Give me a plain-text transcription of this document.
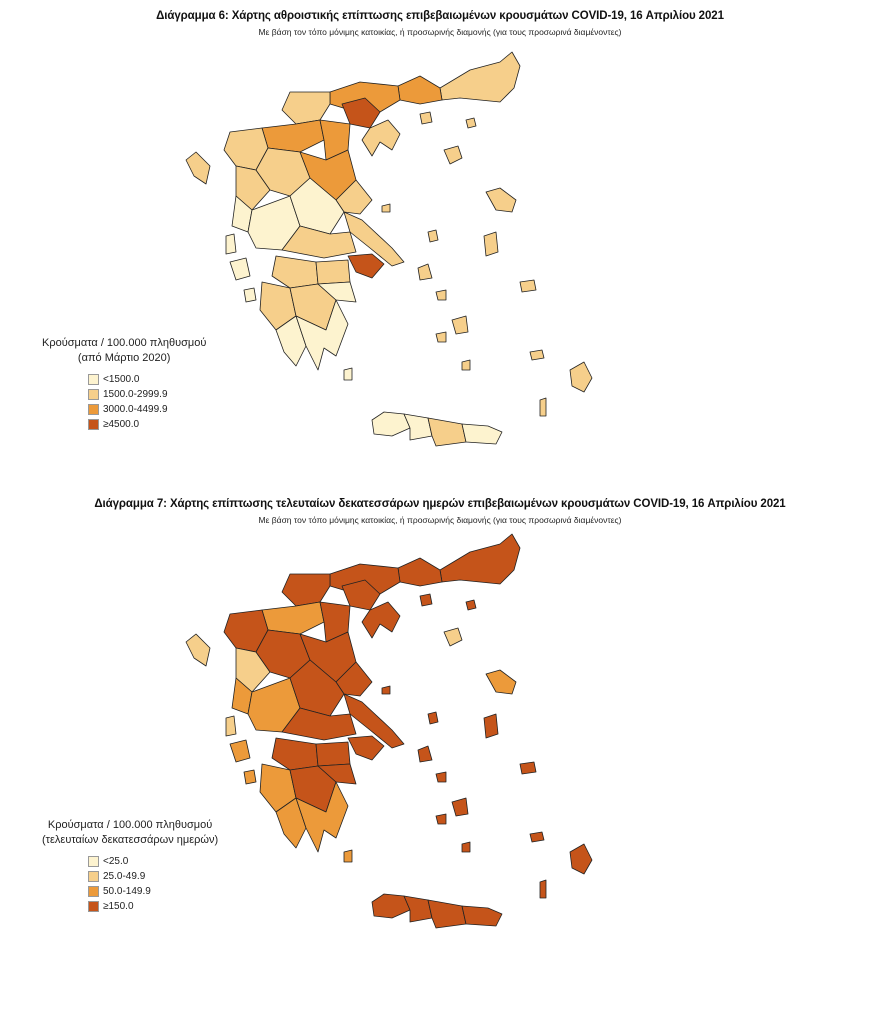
Διάγραμμα 6: Χάρτης αθροιστικής επίπτωσης επιβεβαιωμένων κρουσμάτων COVID-19, 16 Απριλίου 2021
Με βάση τον τόπο μόνιμης κατοικίας, ή προσωρινής διαμονής (για τους προσωρινά διαμένοντες)
Κρούσματα / 100.000 πληθυσμού
(από Μάρτιο 2020)
<1500.0
1500.0-2999.9
3000.0-4499.9
≥4500.0
Διάγραμμα 7: Χάρτης επίπτωσης τελευταίων δεκατεσσάρων ημερών επιβεβαιωμένων κρουσμάτων COVID-19, 16 Απριλίου 2021
Με βάση τον τόπο μόνιμης κατοικίας, ή προσωρινής διαμονής (για τους προσωρινά διαμένοντες)
Κρούσματα / 100.000 πληθυσμού
(τελευταίων δεκατεσσάρων ημερών)
<25.0
25.0-49.9
50.0-149.9
≥150.0
